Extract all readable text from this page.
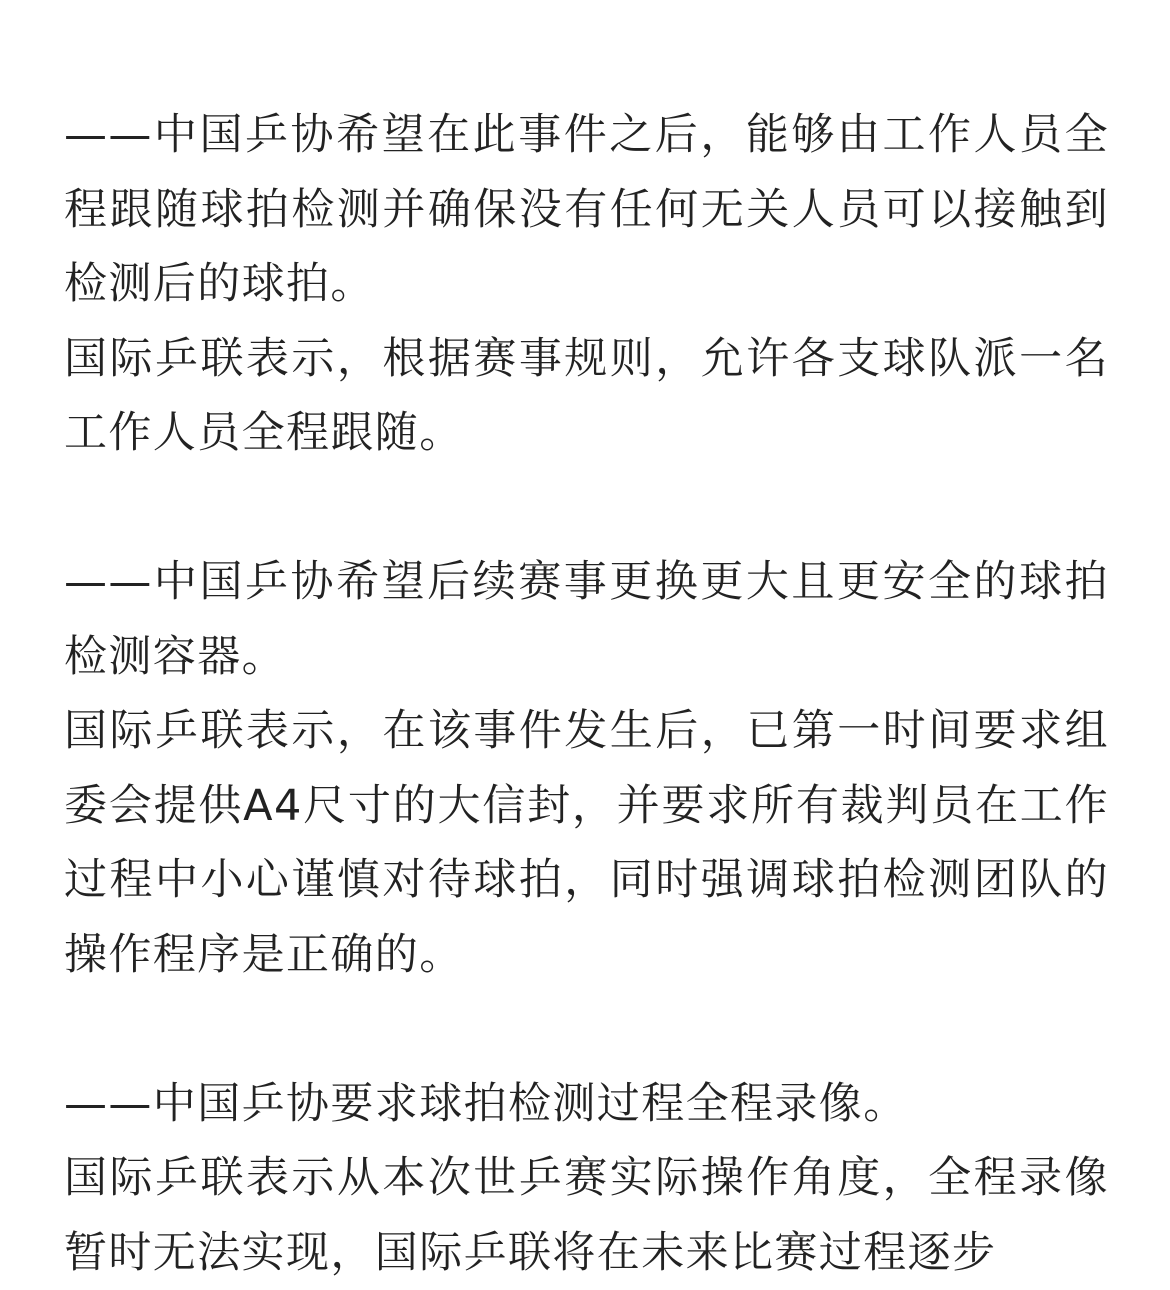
——中国乒协希望在此事件之后，能够由工作人员全程跟随球拍检测并确保没有任何无关人员可以接触到检测后的球拍。

国际乒联表示，根据赛事规则，允许各支球队派一名工作人员全程跟随。

——中国乒协希望后续赛事更换更大且更安全的球拍检测容器。

国际乒联表示，在该事件发生后，已第一时间要求组委会提供A4尺寸的大信封，并要求所有裁判员在工作过程中小心谨慎对待球拍，同时强调球拍检测团队的操作程序是正确的。

——中国乒协要求球拍检测过程全程录像。

国际乒联表示从本次世乒赛实际操作角度，全程录像暂时无法实现，国际乒联将在未来比赛过程逐步
